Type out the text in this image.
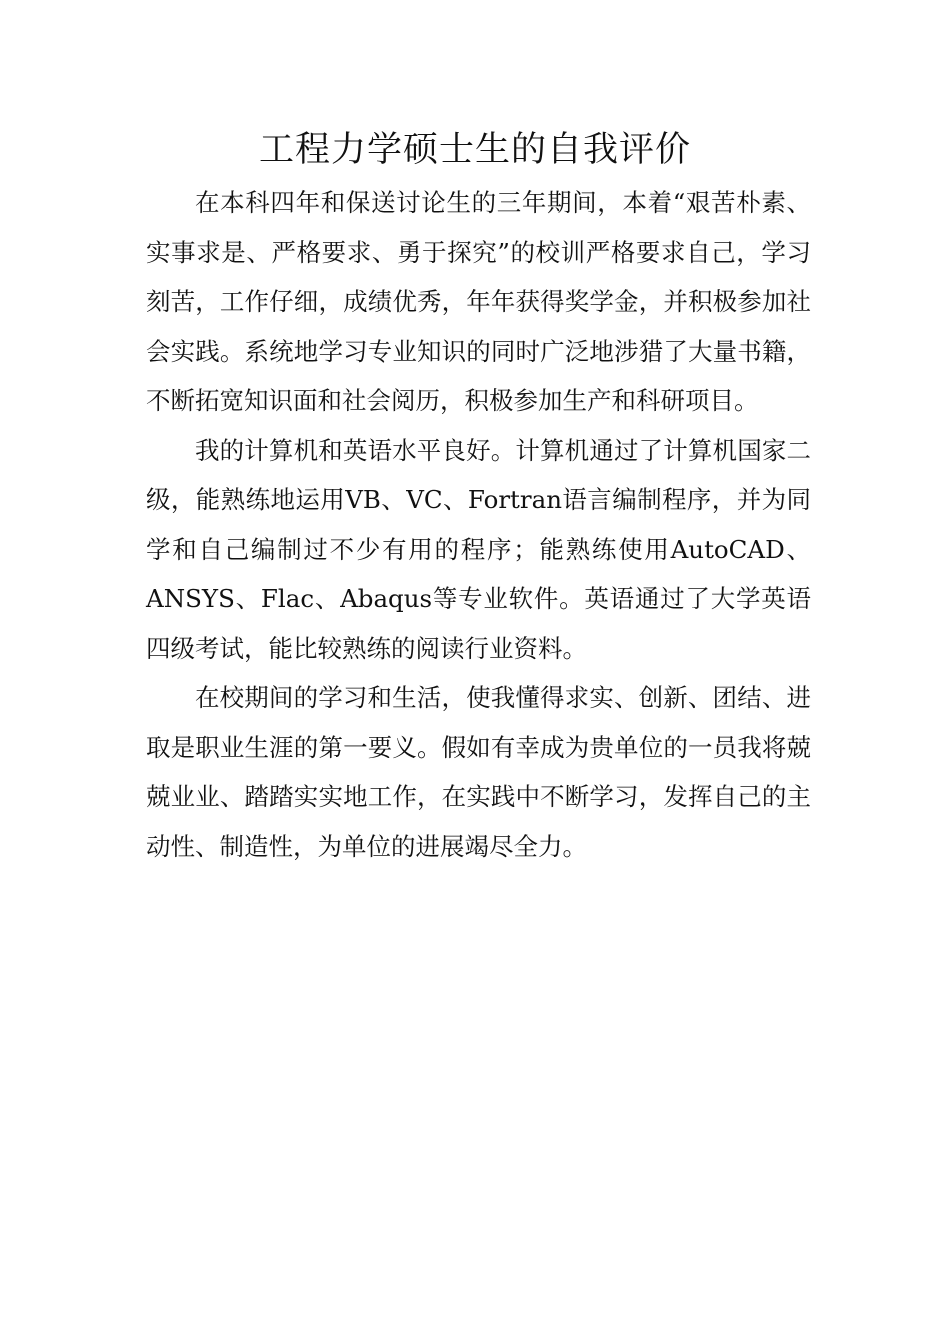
工程力学硕士生的自我评价

在本科四年和保送讨论生的三年期间，本着“艰苦朴素、实事求是、严格要求、勇于探究”的校训严格要求自己，学习刻苦，工作仔细，成绩优秀，年年获得奖学金，并积极参加社会实践。系统地学习专业知识的同时广泛地涉猎了大量书籍，不断拓宽知识面和社会阅历，积极参加生产和科研项目。

我的计算机和英语水平良好。计算机通过了计算机国家二级，能熟练地运用VB、VC、Fortran语言编制程序，并为同学和自己编制过不少有用的程序；能熟练使用AutoCAD、ANSYS、Flac、Abaqus等专业软件。英语通过了大学英语四级考试，能比较熟练的阅读行业资料。

在校期间的学习和生活，使我懂得求实、创新、团结、进取是职业生涯的第一要义。假如有幸成为贵单位的一员我将兢兢业业、踏踏实实地工作，在实践中不断学习，发挥自己的主动性、制造性，为单位的进展竭尽全力。
